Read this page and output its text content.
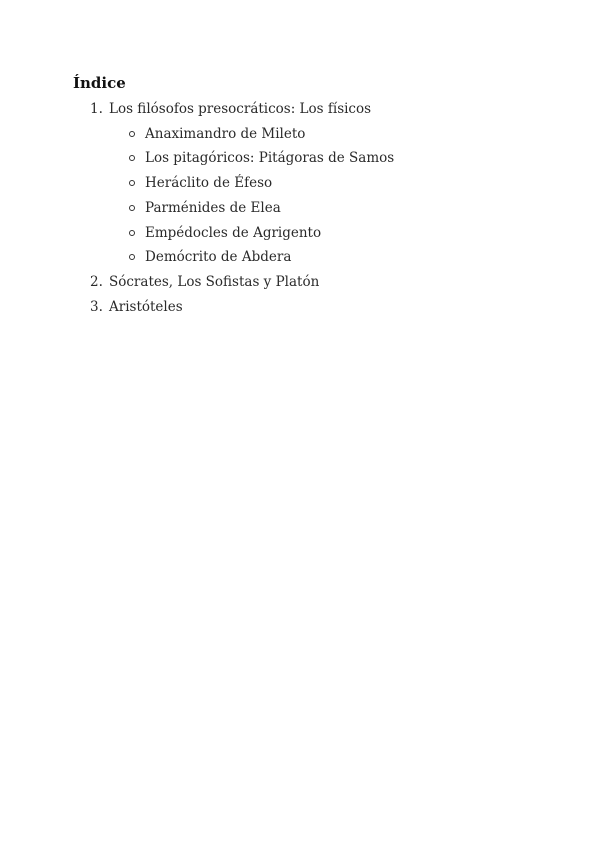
Índice
1. Los filósofos presocráticos: Los físicos
Anaximandro de Mileto
Los pitagóricos: Pitágoras de Samos
Heráclito de Éfeso
Parménides de Elea
Empédocles de Agrigento
Demócrito de Abdera
2. Sócrates, Los Sofistas y Platón
3. Aristóteles
